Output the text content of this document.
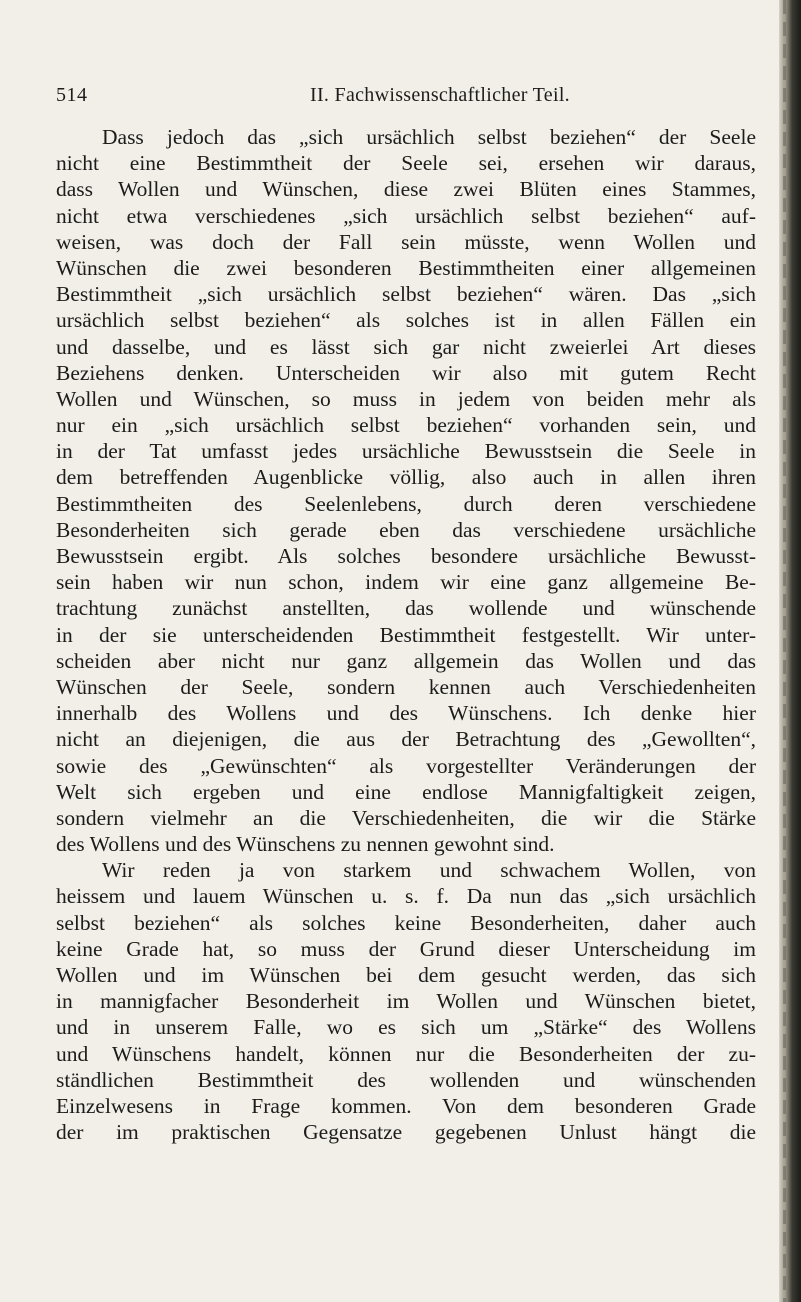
514	II. Fachwissenschaftlicher Teil.
Dass jedoch das „sich ursächlich selbst beziehen“ der Seele
nicht eine Bestimmtheit der Seele sei, ersehen wir daraus,
dass Wollen und Wünschen, diese zwei Blüten eines Stammes,
nicht etwa verschiedenes „sich ursächlich selbst beziehen“ auf-
weisen, was doch der Fall sein müsste, wenn Wollen und
Wünschen die zwei besonderen Bestimmtheiten einer allgemeinen
Bestimmtheit „sich ursächlich selbst beziehen“ wären. Das „sich
ursächlich selbst beziehen“ als solches ist in allen Fällen ein
und dasselbe, und es lässt sich gar nicht zweierlei Art dieses
Beziehens denken. Unterscheiden wir also mit gutem Recht
Wollen und Wünschen, so muss in jedem von beiden mehr als
nur ein „sich ursächlich selbst beziehen“ vorhanden sein, und
in der Tat umfasst jedes ursächliche Bewusstsein die Seele in
dem betreffenden Augenblicke völlig, also auch in allen ihren
Bestimmtheiten des Seelenlebens, durch deren verschiedene
Besonderheiten sich gerade eben das verschiedene ursächliche
Bewusstsein ergibt. Als solches besondere ursächliche Bewusst-
sein haben wir nun schon, indem wir eine ganz allgemeine Be-
trachtung zunächst anstellten, das wollende und wünschende
in der sie unterscheidenden Bestimmtheit festgestellt. Wir unter-
scheiden aber nicht nur ganz allgemein das Wollen und das
Wünschen der Seele, sondern kennen auch Verschiedenheiten
innerhalb des Wollens und des Wünschens. Ich denke hier
nicht an diejenigen, die aus der Betrachtung des „Gewollten“,
sowie des „Gewünschten“ als vorgestellter Veränderungen der
Welt sich ergeben und eine endlose Mannigfaltigkeit zeigen,
sondern vielmehr an die Verschiedenheiten, die wir die Stärke
des Wollens und des Wünschens zu nennen gewohnt sind.
Wir reden ja von starkem und schwachem Wollen, von
heissem und lauem Wünschen u. s. f. Da nun das „sich ursächlich
selbst beziehen“ als solches keine Besonderheiten, daher auch
keine Grade hat, so muss der Grund dieser Unterscheidung im
Wollen und im Wünschen bei dem gesucht werden, das sich
in mannigfacher Besonderheit im Wollen und Wünschen bietet,
und in unserem Falle, wo es sich um „Stärke“ des Wollens
und Wünschens handelt, können nur die Besonderheiten der zu-
ständlichen Bestimmtheit des wollenden und wünschenden
Einzelwesens in Frage kommen. Von dem besonderen Grade
der im praktischen Gegensatze gegebenen Unlust hängt die
